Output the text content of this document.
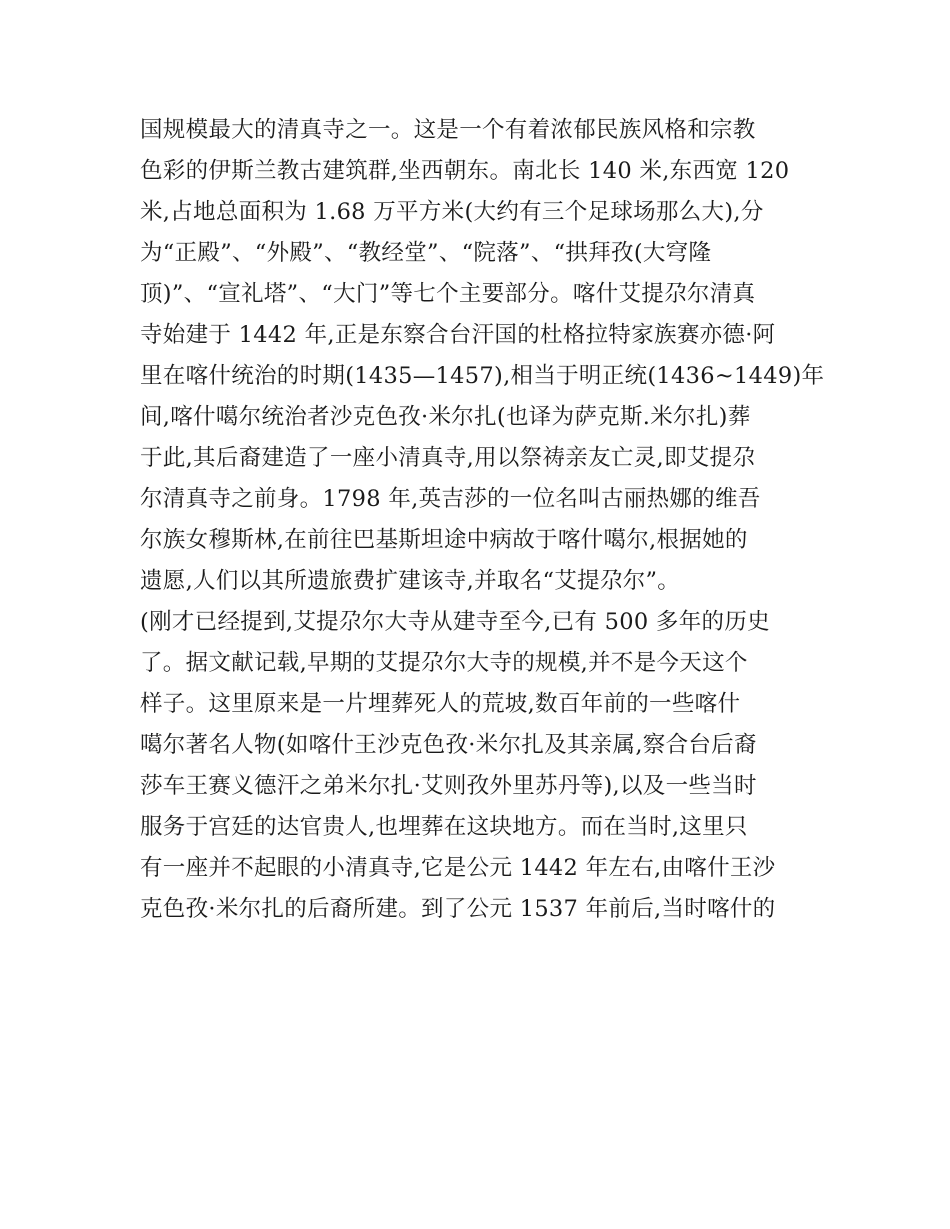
国规模最大的清真寺之一。这是一个有着浓郁民族风格和宗教
色彩的伊斯兰教古建筑群,坐西朝东。南北长 140 米,东西宽 120
米,占地总面积为 1.68 万平方米(大约有三个足球场那么大),分
为“正殿”、“外殿”、“教经堂”、“院落”、“拱拜孜(大穹隆
顶)”、“宣礼塔”、“大门”等七个主要部分。喀什艾提尕尔清真
寺始建于 1442 年,正是东察合台汗国的杜格拉特家族赛亦德·阿
里在喀什统治的时期(1435—1457),相当于明正统(1436~1449)年
间,喀什噶尔统治者沙克色孜·米尔扎(也译为萨克斯.米尔扎)葬
于此,其后裔建造了一座小清真寺,用以祭祷亲友亡灵,即艾提尕
尔清真寺之前身。1798 年,英吉莎的一位名叫古丽热娜的维吾
尔族女穆斯林,在前往巴基斯坦途中病故于喀什噶尔,根据她的
遗愿,人们以其所遗旅费扩建该寺,并取名“艾提尕尔”。
(刚才已经提到,艾提尕尔大寺从建寺至今,已有 500 多年的历史
了。据文献记载,早期的艾提尕尔大寺的规模,并不是今天这个
样子。这里原来是一片埋葬死人的荒坡,数百年前的一些喀什
噶尔著名人物(如喀什王沙克色孜·米尔扎及其亲属,察合台后裔
莎车王赛义德汗之弟米尔扎·艾则孜外里苏丹等),以及一些当时
服务于宫廷的达官贵人,也埋葬在这块地方。而在当时,这里只
有一座并不起眼的小清真寺,它是公元 1442 年左右,由喀什王沙
克色孜·米尔扎的后裔所建。到了公元 1537 年前后,当时喀什的
